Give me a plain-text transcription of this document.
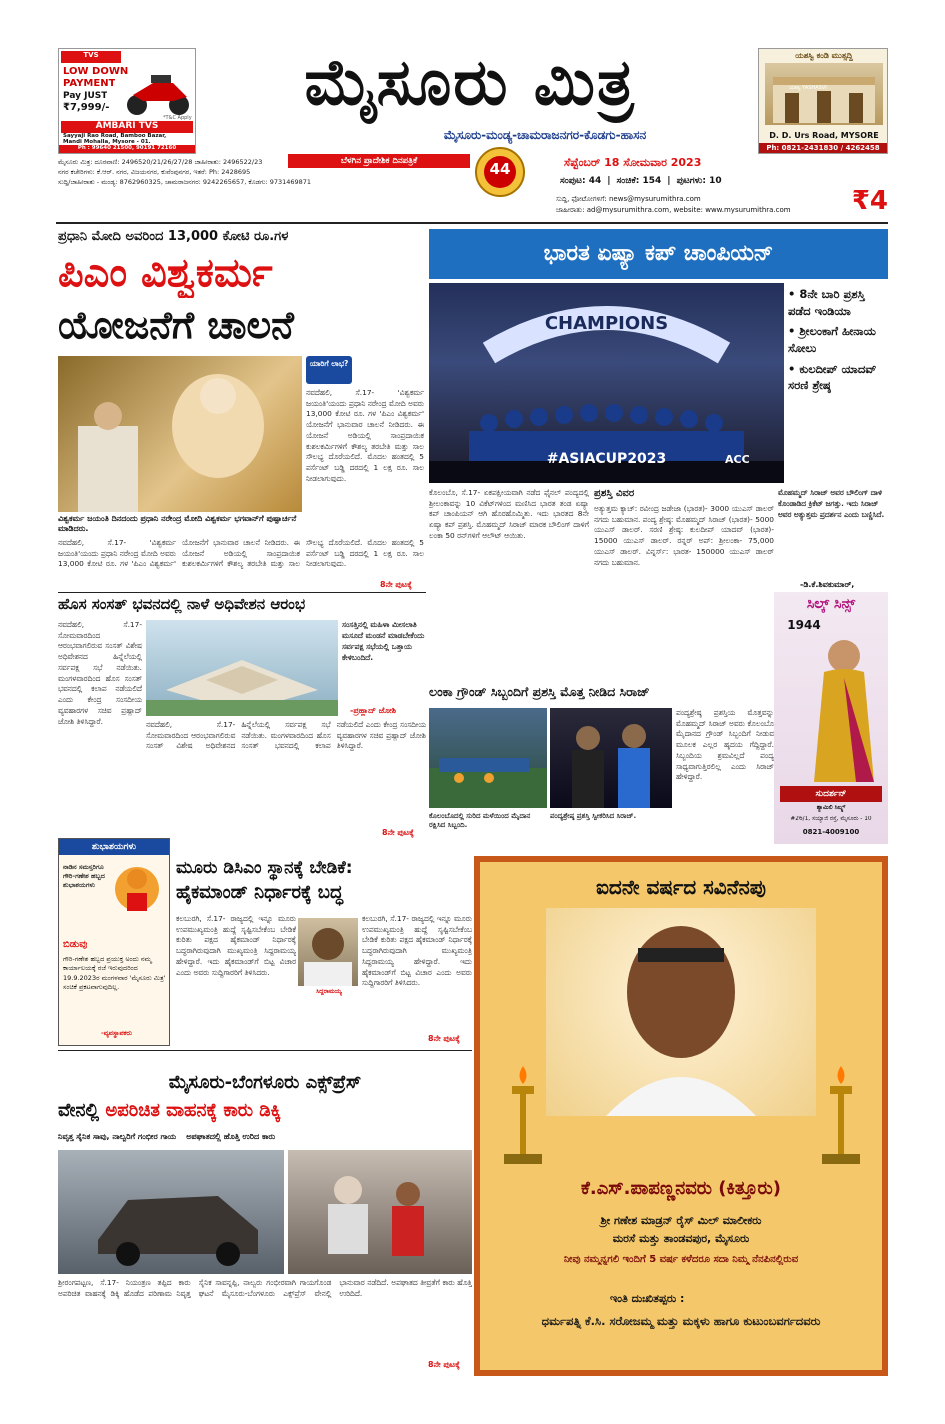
TVS
LOW DOWN
PAYMENT
Pay JUST
₹7,999/-
*T&C Apply
AMBARI TVS
Sayyaji Rao Road, Bamboo Bazar,
Mandi Mohalla, Mysore - 01.
Ph : 99640 21500, 90191 72160
ಮೈಸೂರು ಮಿತ್ರ
ಮೈಸೂರು-ಮಂಡ್ಯ-ಚಾಮರಾಜನಗರ-ಕೊಡಗು-ಹಾಸನ
ಬೆಳಗಿನ ಪ್ರಾದೇಶಿಕ ದಿನಪತ್ರಿಕೆ	44	ಸೆಪ್ಟೆಂಬರ್ 18 ಸೋಮವಾರ 2023
ಸಂಪುಟ: 44 | ಸಂಚಿಕೆ: 154 | ಪುಟಗಳು: 10
ಯಶಸ್ವಿ ಕಂಡಿ ಮುತ್ಸದ್ದಿ
ಯಶಸ್ವಿ YASHASVI
D. D. Urs Road, MYSORE
Ph: 0821-2431830 / 4262458
ಮೈಸೂರು ಮಿತ್ರ: ದೂರವಾಣಿ: 2496520/21/26/27/28 ಜಾಹೀರಾತು: 2496522/23
ನಗರ ಕಚೇರಿಗಳು: ಕೆ.ಆರ್. ನಗರ, ವಿಜಯನಗರ, ಕುವೆಂಪುನಗರ, ಇತರೆ: Ph: 2428695
ಸುದ್ದಿ/ಜಾಹೀರಾತು - ಮಂಡ್ಯ: 8762960325, ಚಾಮರಾಜನಗರ: 9242265657, ಕೊಡಗು: 9731469871
ಸುದ್ದಿ, ಫೋಟೋಗಳಿಗೆ: news@mysurumithra.com
ಜಾಹೀರಾತು: ad@mysurumithra.com, website: www.mysurumithra.com	₹4
ಪ್ರಧಾನಿ ಮೋದಿ ಅವರಿಂದ 13,000 ಕೋಟಿ ರೂ.ಗಳ
ಪಿಎಂ ವಿಶ್ವಕರ್ಮ
ಯೋಜನೆಗೆ ಚಾಲನೆ
ಯಾರಿಗೆ ಲಾಭ?
ನವದೆಹಲಿ, ಸೆ.17- 'ವಿಶ್ವಕರ್ಮ ಜಯಂತಿ'ಯಂದು ಪ್ರಧಾನಿ ನರೇಂದ್ರ ಮೋದಿ ಅವರು 13,000 ಕೋಟಿ ರೂ. ಗಳ 'ಪಿಎಂ ವಿಶ್ವಕರ್ಮ' ಯೋಜನೆಗೆ ಭಾನುವಾರ ಚಾಲನೆ ನೀಡಿದರು. ಈ ಯೋಜನೆ ಅಡಿಯಲ್ಲಿ ಸಾಂಪ್ರದಾಯಿಕ ಕುಶಲಕರ್ಮಿಗಳಿಗೆ ಕೌಶಲ್ಯ ತರಬೇತಿ ಮತ್ತು ಸಾಲ ಸೌಲಭ್ಯ ದೊರೆಯಲಿದೆ. ಮೊದಲ ಹಂತದಲ್ಲಿ 5 ಪರ್ಸೆಂಟ್ ಬಡ್ಡಿ ದರದಲ್ಲಿ 1 ಲಕ್ಷ ರೂ. ಸಾಲ ನೀಡಲಾಗುವುದು.
ವಿಶ್ವಕರ್ಮ ಜಯಂತಿ ದಿನದಂದು ಪ್ರಧಾನಿ ನರೇಂದ್ರ ಮೋದಿ ವಿಶ್ವಕರ್ಮ ಭಗವಾನ್‌ಗೆ ಪುಷ್ಪಾರ್ಚನೆ ಮಾಡಿದರು.
ನವದೆಹಲಿ, ಸೆ.17- 'ವಿಶ್ವಕರ್ಮ ಜಯಂತಿ'ಯಂದು ಪ್ರಧಾನಿ ನರೇಂದ್ರ ಮೋದಿ ಅವರು 13,000 ಕೋಟಿ ರೂ. ಗಳ 'ಪಿಎಂ ವಿಶ್ವಕರ್ಮ' ಯೋಜನೆಗೆ ಭಾನುವಾರ ಚಾಲನೆ ನೀಡಿದರು. ಈ ಯೋಜನೆ ಅಡಿಯಲ್ಲಿ ಸಾಂಪ್ರದಾಯಿಕ ಕುಶಲಕರ್ಮಿಗಳಿಗೆ ಕೌಶಲ್ಯ ತರಬೇತಿ ಮತ್ತು ಸಾಲ ಸೌಲಭ್ಯ ದೊರೆಯಲಿದೆ. ಮೊದಲ ಹಂತದಲ್ಲಿ 5 ಪರ್ಸೆಂಟ್ ಬಡ್ಡಿ ದರದಲ್ಲಿ 1 ಲಕ್ಷ ರೂ. ಸಾಲ ನೀಡಲಾಗುವುದು.
8ನೇ ಪುಟಕ್ಕೆ
ಹೊಸ ಸಂಸತ್ ಭವನದಲ್ಲಿ ನಾಳೆ ಅಧಿವೇಶನ ಆರಂಭ
ನವದೆಹಲಿ, ಸೆ.17- ಸೋಮವಾರದಿಂದ ಆರಂಭವಾಗಲಿರುವ ಸಂಸತ್ ವಿಶೇಷ ಅಧಿವೇಶನದ ಹಿನ್ನೆಲೆಯಲ್ಲಿ ಸರ್ವಪಕ್ಷ ಸಭೆ ನಡೆಯಿತು. ಮಂಗಳವಾರದಿಂದ ಹೊಸ ಸಂಸತ್ ಭವನದಲ್ಲಿ ಕಲಾಪ ನಡೆಯಲಿದೆ ಎಂದು ಕೇಂದ್ರ ಸಂಸದೀಯ ವ್ಯವಹಾರಗಳ ಸಚಿವ ಪ್ರಹ್ಲಾದ್ ಜೋಶಿ ತಿಳಿಸಿದ್ದಾರೆ.
ಸಂಸತ್ತಿನಲ್ಲಿ ಮಹಿಳಾ ಮೀಸಲಾತಿ ಮಸೂದೆ ಮಂಡನೆ ಮಾಡಬೇಕೆಂದು ಸರ್ವಪಕ್ಷ ಸಭೆಯಲ್ಲಿ ಒತ್ತಾಯ ಕೇಳಿಬಂದಿದೆ.
-ಪ್ರಹ್ಲಾದ್ ಜೋಶಿ
ನವದೆಹಲಿ, ಸೆ.17- ಸೋಮವಾರದಿಂದ ಆರಂಭವಾಗಲಿರುವ ಸಂಸತ್ ವಿಶೇಷ ಅಧಿವೇಶನದ ಹಿನ್ನೆಲೆಯಲ್ಲಿ ಸರ್ವಪಕ್ಷ ಸಭೆ ನಡೆಯಿತು. ಮಂಗಳವಾರದಿಂದ ಹೊಸ ಸಂಸತ್ ಭವನದಲ್ಲಿ ಕಲಾಪ ನಡೆಯಲಿದೆ ಎಂದು ಕೇಂದ್ರ ಸಂಸದೀಯ ವ್ಯವಹಾರಗಳ ಸಚಿವ ಪ್ರಹ್ಲಾದ್ ಜೋಶಿ ತಿಳಿಸಿದ್ದಾರೆ.
8ನೇ ಪುಟಕ್ಕೆ
ಶುಭಾಶಯಗಳು
ನಾಡಿನ ಸಮಸ್ತರಿಗೂ ಗೌರಿ-ಗಣೇಶ ಹಬ್ಬದ ಶುಭಾಶಯಗಳು
ಬಿಡುವು
ಗೌರಿ-ಗಣೇಶ ಹಬ್ಬದ ಪ್ರಯುಕ್ತ ಅಂದು ನಮ್ಮ ಕಾರ್ಯಾಲಯಕ್ಕೆ ರಜೆ ಇರುವುದರಿಂದ 19.9.2023ರ ಮಂಗಳವಾರ 'ಮೈಸೂರು ಮಿತ್ರ' ಸಂಚಿಕೆ ಪ್ರಕಟವಾಗುವುದಿಲ್ಲ.
-ವ್ಯವಸ್ಥಾಪಕರು
ಮೂರು ಡಿಸಿಎಂ ಸ್ಥಾನಕ್ಕೆ ಬೇಡಿಕೆ:
ಹೈಕಮಾಂಡ್ ನಿರ್ಧಾರಕ್ಕೆ ಬದ್ಧ
ಕಲಬುರಗಿ, ಸೆ.17- ರಾಜ್ಯದಲ್ಲಿ ಇನ್ನೂ ಮೂರು ಉಪಮುಖ್ಯಮಂತ್ರಿ ಹುದ್ದೆ ಸೃಷ್ಟಿಸಬೇಕೆಂಬ ಬೇಡಿಕೆ ಕುರಿತು ಪಕ್ಷದ ಹೈಕಮಾಂಡ್ ನಿರ್ಧಾರಕ್ಕೆ ಬದ್ಧರಾಗಿರುವುದಾಗಿ ಮುಖ್ಯಮಂತ್ರಿ ಸಿದ್ದರಾಮಯ್ಯ ಹೇಳಿದ್ದಾರೆ. ಇದು ಹೈಕಮಾಂಡ್‌ಗೆ ಬಿಟ್ಟ ವಿಚಾರ ಎಂದು ಅವರು ಸುದ್ದಿಗಾರರಿಗೆ ತಿಳಿಸಿದರು.
ಸಿದ್ದರಾಮಯ್ಯ
ಕಲಬುರಗಿ, ಸೆ.17- ರಾಜ್ಯದಲ್ಲಿ ಇನ್ನೂ ಮೂರು ಉಪಮುಖ್ಯಮಂತ್ರಿ ಹುದ್ದೆ ಸೃಷ್ಟಿಸಬೇಕೆಂಬ ಬೇಡಿಕೆ ಕುರಿತು ಪಕ್ಷದ ಹೈಕಮಾಂಡ್ ನಿರ್ಧಾರಕ್ಕೆ ಬದ್ಧರಾಗಿರುವುದಾಗಿ ಮುಖ್ಯಮಂತ್ರಿ ಸಿದ್ದರಾಮಯ್ಯ ಹೇಳಿದ್ದಾರೆ. ಇದು ಹೈಕಮಾಂಡ್‌ಗೆ ಬಿಟ್ಟ ವಿಚಾರ ಎಂದು ಅವರು ಸುದ್ದಿಗಾರರಿಗೆ ತಿಳಿಸಿದರು.
8ನೇ ಪುಟಕ್ಕೆ
ಮೈಸೂರು-ಬೆಂಗಳೂರು ಎಕ್ಸ್‌ಪ್ರೆಸ್
ವೇನಲ್ಲಿ ಅಪರಿಚಿತ ವಾಹನಕ್ಕೆ ಕಾರು ಡಿಕ್ಕಿ
ನಿವೃತ್ತ ಸೈನಿಕ ಸಾವು, ನಾಲ್ವರಿಗೆ ಗಂಭೀರ ಗಾಯ ಅಪಘಾತದಲ್ಲಿ ಹೊತ್ತಿ ಉರಿದ ಕಾರು
ಶ್ರೀರಂಗಪಟ್ಟಣ, ಸೆ.17- ನಿಯಂತ್ರಣ ತಪ್ಪಿದ ಕಾರು ಅಪರಿಚಿತ ವಾಹನಕ್ಕೆ ಡಿಕ್ಕಿ ಹೊಡೆದ ಪರಿಣಾಮ ನಿವೃತ್ತ ಸೈನಿಕ ಸಾವನ್ನಪ್ಪಿ, ನಾಲ್ವರು ಗಂಭೀರವಾಗಿ ಗಾಯಗೊಂಡ ಘಟನೆ ಮೈಸೂರು-ಬೆಂಗಳೂರು ಎಕ್ಸ್‌ಪ್ರೆಸ್ ವೇನಲ್ಲಿ ಭಾನುವಾರ ನಡೆದಿದೆ. ಅಪಘಾತದ ತೀವ್ರತೆಗೆ ಕಾರು ಹೊತ್ತಿ ಉರಿದಿದೆ.
8ನೇ ಪುಟಕ್ಕೆ
ಭಾರತ ಏಷ್ಯಾ ಕಪ್ ಚಾಂಪಿಯನ್
CHAMPIONS
#ASIACUP2023	ACC
• 8ನೇ ಬಾರಿ ಪ್ರಶಸ್ತಿ ಪಡೆದ ಇಂಡಿಯಾ
• ಶ್ರೀಲಂಕಾಗೆ ಹೀನಾಯ ಸೋಲು
• ಕುಲದೀಪ್ ಯಾದವ್ ಸರಣಿ ಶ್ರೇಷ್ಠ
ಕೊಲಂಬೊ, ಸೆ.17- ಏಕಪಕ್ಷೀಯವಾಗಿ ನಡೆದ ಫೈನಲ್ ಪಂದ್ಯದಲ್ಲಿ ಶ್ರೀಲಂಕಾವನ್ನು 10 ವಿಕೆಟ್‌ಗಳಿಂದ ಮಣಿಸಿದ ಭಾರತ ತಂಡ ಏಷ್ಯಾ ಕಪ್ ಚಾಂಪಿಯನ್ ಆಗಿ ಹೊರಹೊಮ್ಮಿತು. ಇದು ಭಾರತದ 8ನೇ ಏಷ್ಯಾ ಕಪ್ ಪ್ರಶಸ್ತಿ. ಮೊಹಮ್ಮದ್ ಸಿರಾಜ್ ಮಾರಕ ಬೌಲಿಂಗ್ ದಾಳಿಗೆ ಲಂಕಾ 50 ರನ್‌ಗಳಿಗೆ ಆಲೌಟ್ ಆಯಿತು.
ಪ್ರಶಸ್ತಿ ವಿವರ
ಅತ್ಯುತ್ತಮ ಕ್ಯಾಚ್: ರವೀಂದ್ರ ಜಡೇಜಾ (ಭಾರತ)- 3000 ಯುಎಸ್ ಡಾಲರ್ ನಗದು ಬಹುಮಾನ. ಪಂದ್ಯ ಶ್ರೇಷ್ಠ: ಮೊಹಮ್ಮದ್ ಸಿರಾಜ್ (ಭಾರತ)- 5000 ಯುಎಸ್ ಡಾಲರ್. ಸರಣಿ ಶ್ರೇಷ್ಠ: ಕುಲದೀಪ್ ಯಾದವ್ (ಭಾರತ)- 15000 ಯುಎಸ್ ಡಾಲರ್. ರನ್ನರ್ ಅಪ್: ಶ್ರೀಲಂಕಾ- 75,000 ಯುಎಸ್ ಡಾಲರ್. ವಿನ್ನರ್ಸ್: ಭಾರತ- 150000 ಯುಎಸ್ ಡಾಲರ್ ನಗದು ಬಹುಮಾನ.
ಮೊಹಮ್ಮದ್ ಸಿರಾಜ್ ಅವರ ಬೌಲಿಂಗ್ ದಾಳಿ ಕೊಂಡಾಡಿದ ಕ್ರಿಕೆಟ್ ಜಗತ್ತು. ಇದು ಸಿರಾಜ್ ಅವರ ಅತ್ಯುತ್ತಮ ಪ್ರದರ್ಶನ ಎಂದು ಬಣ್ಣಿಸಿದೆ.
-ಡಿ.ಕೆ.ಶಿವಕುಮಾರ್,
ಲಂಕಾ ಗ್ರೌಂಡ್ ಸಿಬ್ಬಂದಿಗೆ ಪ್ರಶಸ್ತಿ ಮೊತ್ತ ನೀಡಿದ ಸಿರಾಜ್
ಕೊಲಂಬೊದಲ್ಲಿ ಸುರಿದ ಮಳೆಯಿಂದ ಮೈದಾನ ರಕ್ಷಿಸಿದ ಸಿಬ್ಬಂದಿ.
ಪಂದ್ಯಶ್ರೇಷ್ಠ ಪ್ರಶಸ್ತಿ ಸ್ವೀಕರಿಸಿದ ಸಿರಾಜ್.
ಪಂದ್ಯಶ್ರೇಷ್ಠ ಪ್ರಶಸ್ತಿಯ ಮೊತ್ತವನ್ನು ಮೊಹಮ್ಮದ್ ಸಿರಾಜ್ ಅವರು ಕೊಲಂಬೊ ಮೈದಾನದ ಗ್ರೌಂಡ್ ಸಿಬ್ಬಂದಿಗೆ ನೀಡುವ ಮೂಲಕ ಎಲ್ಲರ ಹೃದಯ ಗೆದ್ದಿದ್ದಾರೆ. ಸಿಬ್ಬಂದಿಯ ಶ್ರಮವಿಲ್ಲದೆ ಪಂದ್ಯ ಸಾಧ್ಯವಾಗುತ್ತಿರಲಿಲ್ಲ ಎಂದು ಸಿರಾಜ್ ಹೇಳಿದ್ದಾರೆ.
ಸಿಲ್ಕ್ ಸಿನ್ಸ್
1944
ಸುದರ್ಶನ್
ಶ್ಯಾಮಿಲಿ ಸಿಲ್ಕ್ಸ್
#26/1, ಸಯ್ಯಾಜಿ ರಸ್ತೆ, ಮೈಸೂರು - 10
0821-4009100
ಐದನೇ ವರ್ಷದ ಸವಿನೆನಪು
ಕೆ.ಎಸ್.ಪಾಪಣ್ಣನವರು (ಕಿತ್ತೂರು)
ಶ್ರೀ ಗಣೇಶ ಮಾಡ್ರನ್ ರೈಸ್ ಮಿಲ್ ಮಾಲೀಕರು
ಮರಸೆ ಮತ್ತು ತಾಂಡವಪುರ, ಮೈಸೂರು
ನೀವು ನಮ್ಮನ್ನಗಲಿ ಇಂದಿಗೆ 5 ವರ್ಷ ಕಳೆದರೂ ಸದಾ ನಿಮ್ಮ ನೆನಪಿನಲ್ಲಿರುವ
ಇಂತಿ ದುಃಖಿತಪ್ಪರು :
ಧರ್ಮಪತ್ನಿ ಕೆ.ಸಿ. ಸರೋಜಮ್ಮ ಮತ್ತು ಮಕ್ಕಳು ಹಾಗೂ ಕುಟುಂಬವರ್ಗದವರು
